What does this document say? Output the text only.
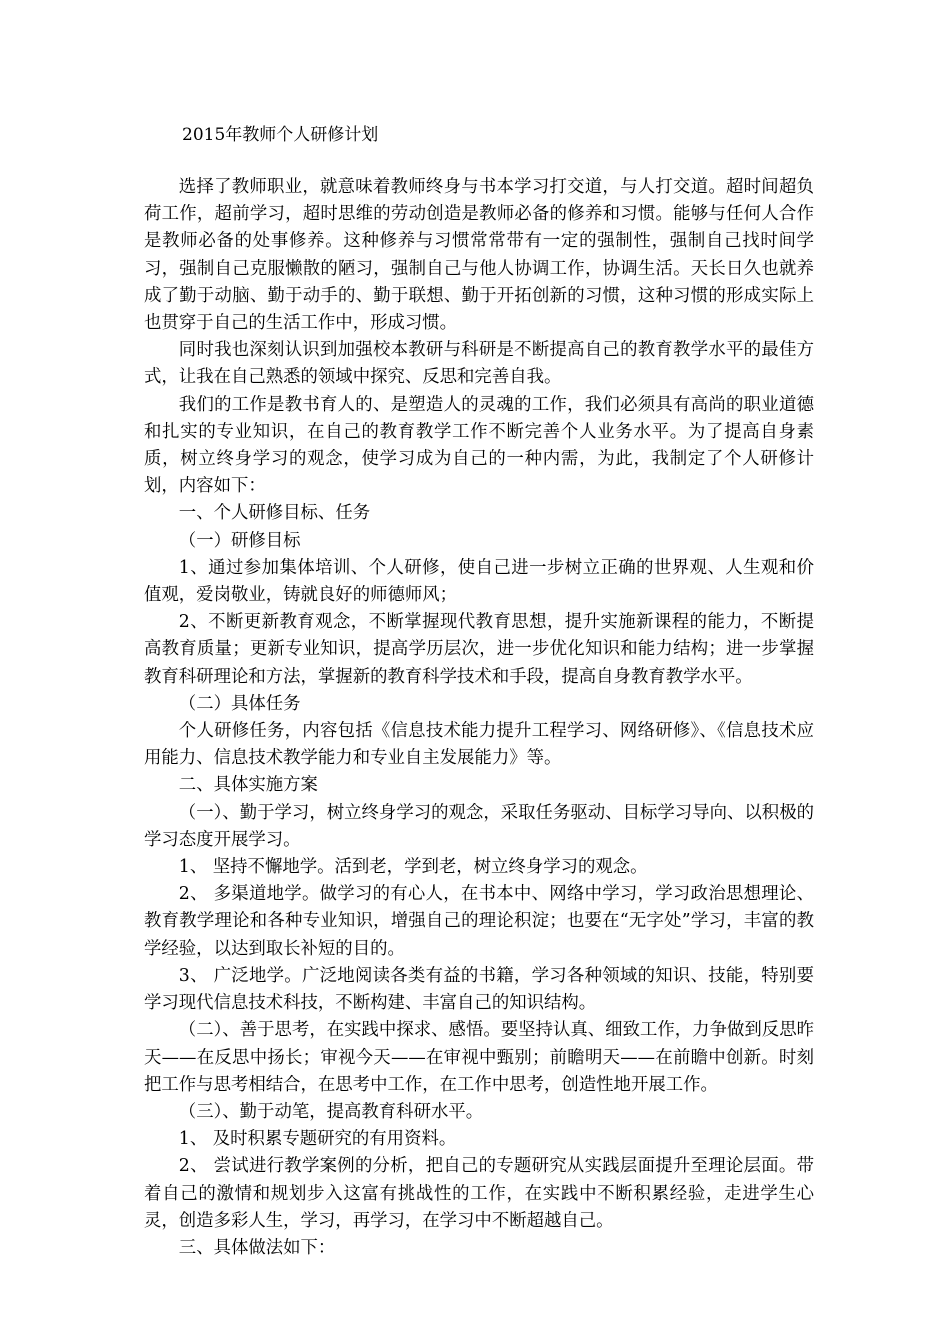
2015年教师个人研修计划

选择了教师职业，就意味着教师终身与书本学习打交道，与人打交道。超时间超负荷工作，超前学习，超时思维的劳动创造是教师必备的修养和习惯。能够与任何人合作是教师必备的处事修养。这种修养与习惯常常带有一定的强制性，强制自己找时间学习，强制自己克服懒散的陋习，强制自己与他人协调工作，协调生活。天长日久也就养成了勤于动脑、勤于动手的、勤于联想、勤于开拓创新的习惯，这种习惯的形成实际上也贯穿于自己的生活工作中，形成习惯。

同时我也深刻认识到加强校本教研与科研是不断提高自己的教育教学水平的最佳方式，让我在自己熟悉的领域中探究、反思和完善自我。

我们的工作是教书育人的、是塑造人的灵魂的工作，我们必须具有高尚的职业道德和扎实的专业知识，在自己的教育教学工作不断完善个人业务水平。为了提高自身素质，树立终身学习的观念，使学习成为自己的一种内需，为此，我制定了个人研修计划，内容如下：

一、个人研修目标、任务

（一）研修目标

1、通过参加集体培训、个人研修，使自己进一步树立正确的世界观、人生观和价值观，爱岗敬业，铸就良好的师德师风；

2、不断更新教育观念，不断掌握现代教育思想，提升实施新课程的能力，不断提高教育质量；更新专业知识，提高学历层次，进一步优化知识和能力结构；进一步掌握教育科研理论和方法，掌握新的教育科学技术和手段，提高自身教育教学水平。

（二）具体任务

个人研修任务，内容包括《信息技术能力提升工程学习、网络研修》、《信息技术应用能力、信息技术教学能力和专业自主发展能力》等。

二、具体实施方案

（一）、勤于学习，树立终身学习的观念，采取任务驱动、目标学习导向、以积极的学习态度开展学习。

1、 坚持不懈地学。活到老，学到老，树立终身学习的观念。

2、 多渠道地学。做学习的有心人，在书本中、网络中学习，学习政治思想理论、教育教学理论和各种专业知识，增强自己的理论积淀；也要在“无字处”学习，丰富的教学经验，以达到取长补短的目的。

3、 广泛地学。广泛地阅读各类有益的书籍，学习各种领域的知识、技能，特别要学习现代信息技术科技，不断构建、丰富自己的知识结构。

（二）、善于思考，在实践中探求、感悟。要坚持认真、细致工作，力争做到反思昨天——在反思中扬长；审视今天——在审视中甄别；前瞻明天——在前瞻中创新。时刻把工作与思考相结合，在思考中工作，在工作中思考，创造性地开展工作。

（三）、勤于动笔，提高教育科研水平。

1、 及时积累专题研究的有用资料。

2、 尝试进行教学案例的分析，把自己的专题研究从实践层面提升至理论层面。带着自己的激情和规划步入这富有挑战性的工作，在实践中不断积累经验，走进学生心灵，创造多彩人生，学习，再学习，在学习中不断超越自己。

三、具体做法如下：
